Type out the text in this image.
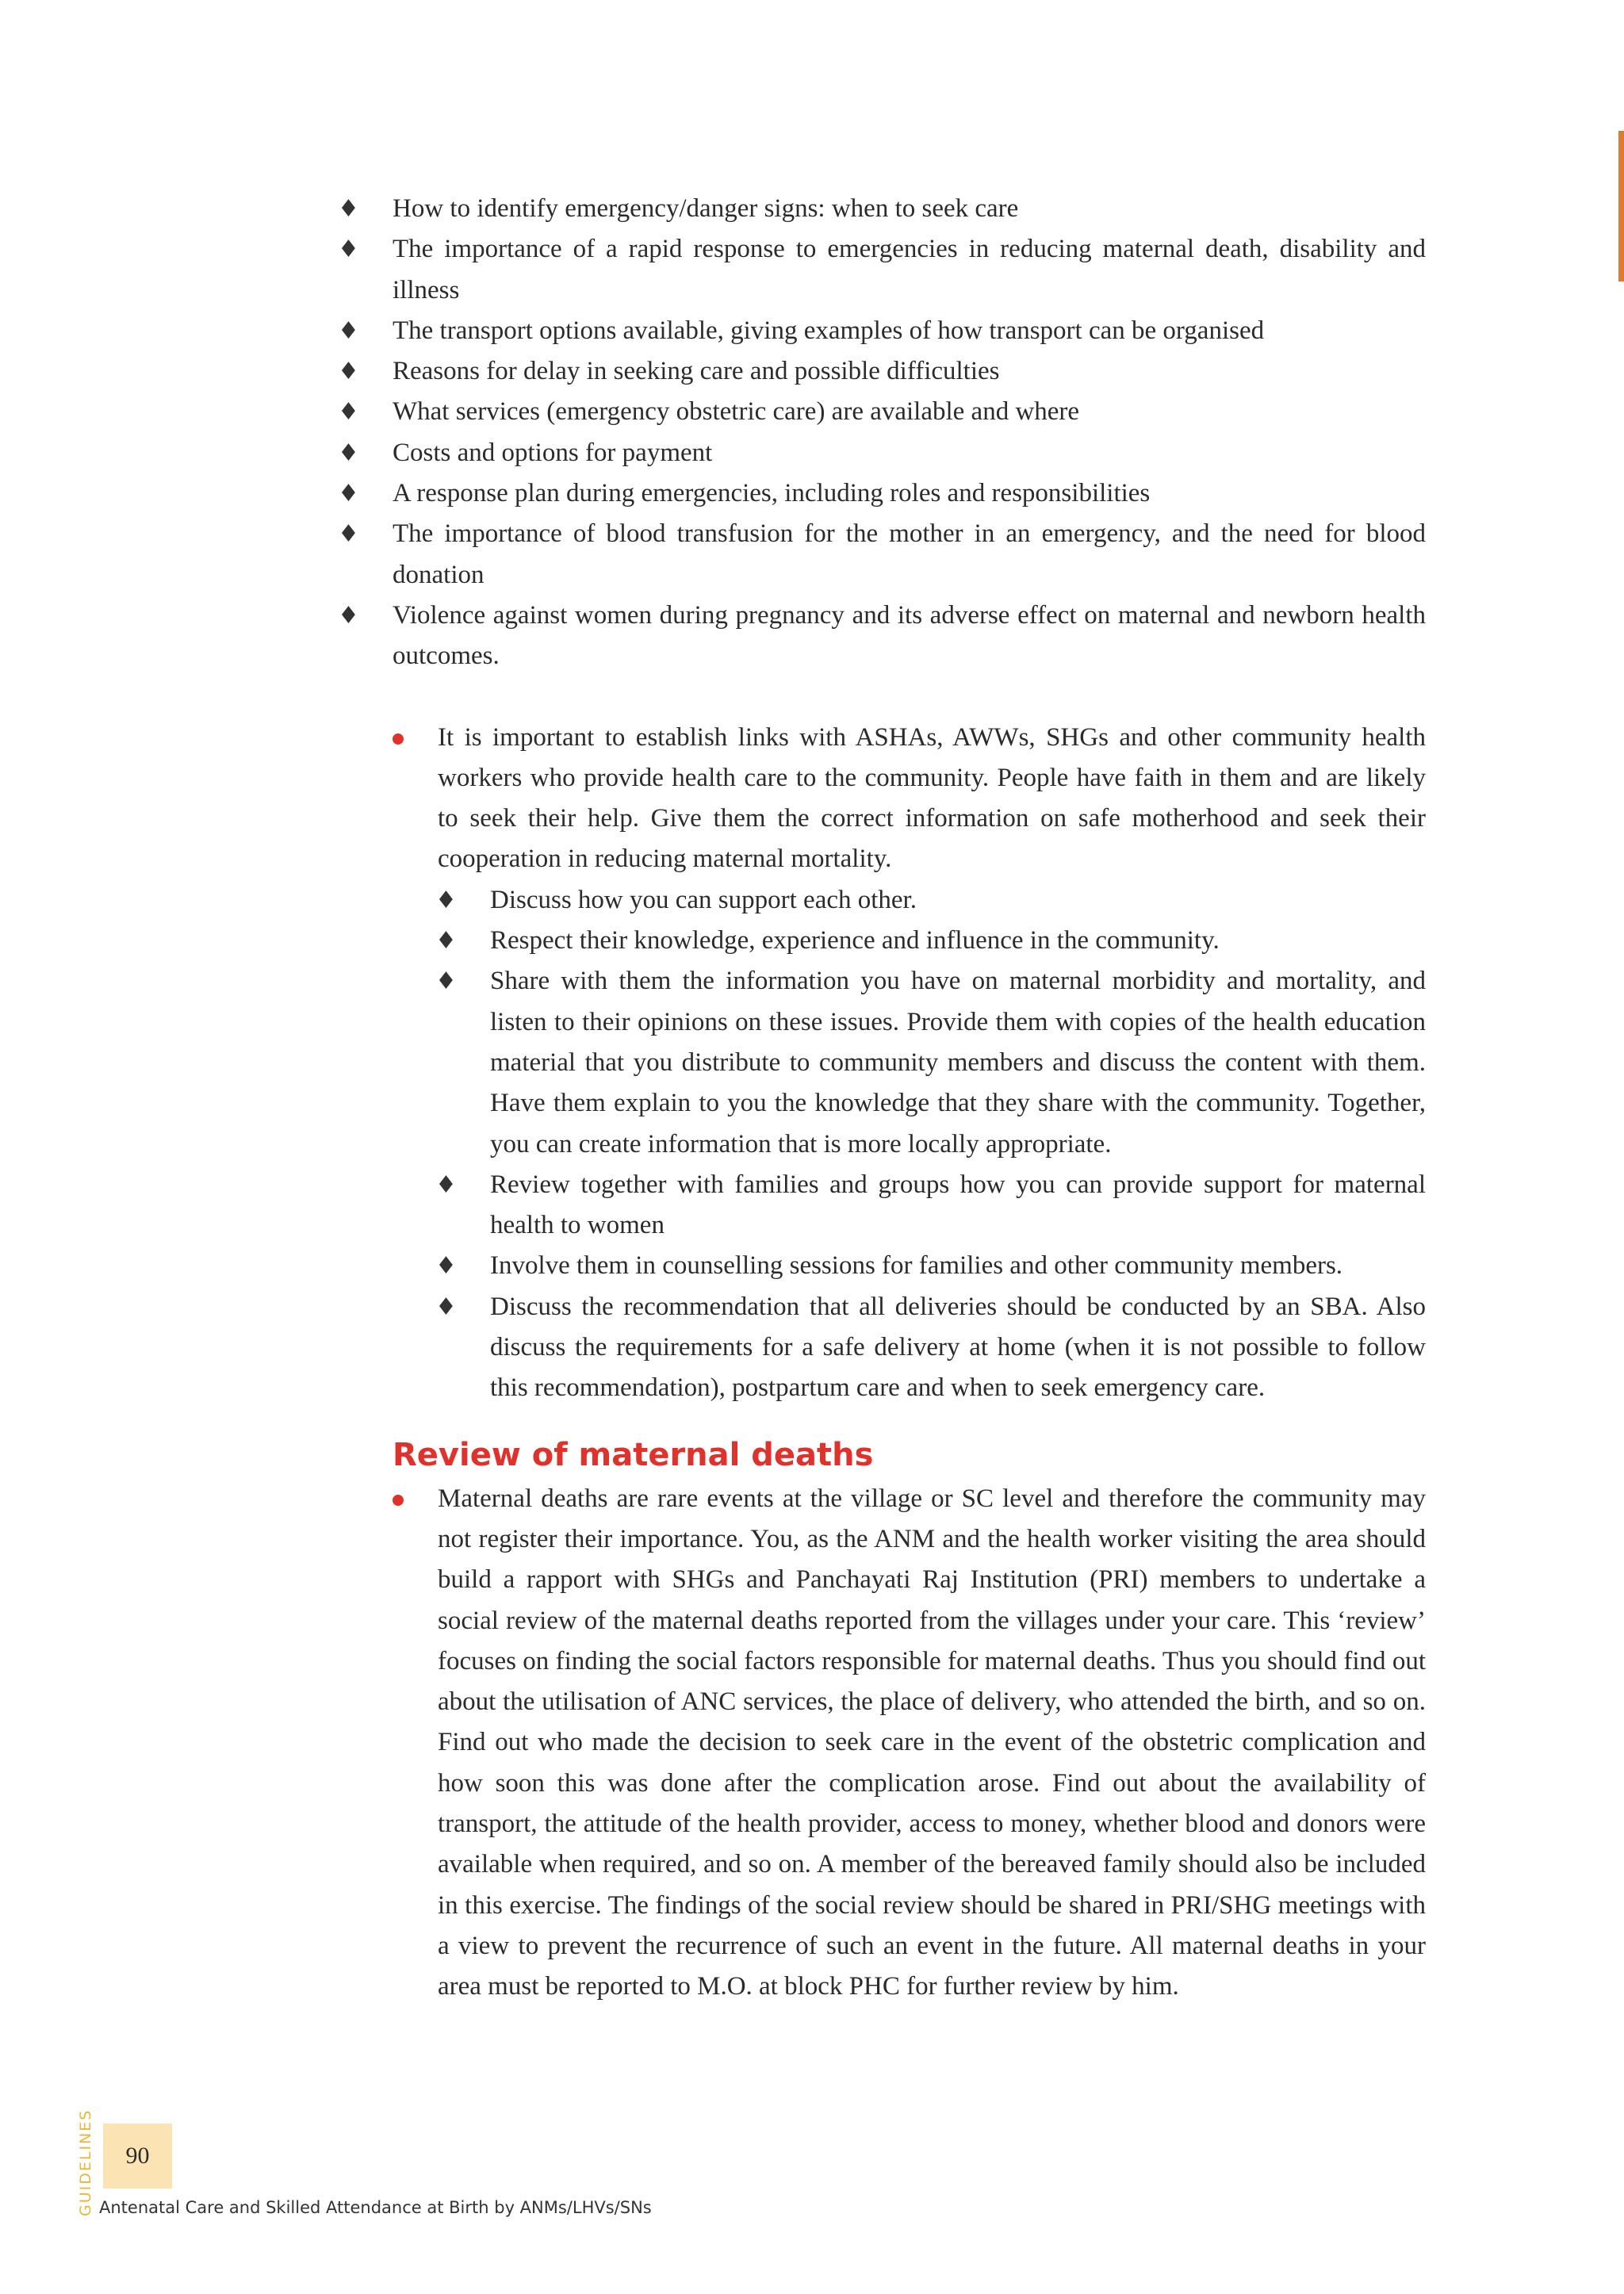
♦ How to identify emergency/danger signs: when to seek care
♦ The importance of a rapid response to emergencies in reducing maternal death, disability and illness
♦ The transport options available, giving examples of how transport can be organised
♦ Reasons for delay in seeking care and possible difficulties
♦ What services (emergency obstetric care) are available and where
♦ Costs and options for payment
♦ A response plan during emergencies, including roles and responsibilities
♦ The importance of blood transfusion for the mother in an emergency, and the need for blood donation
♦ Violence against women during pregnancy and its adverse effect on maternal and newborn health outcomes.
It is important to establish links with ASHAs, AWWs, SHGs and other community health workers who provide health care to the community. People have faith in them and are likely to seek their help. Give them the correct information on safe motherhood and seek their cooperation in reducing maternal mortality.
♦ Discuss how you can support each other.
♦ Respect their knowledge, experience and influence in the community.
♦ Share with them the information you have on maternal morbidity and mortality, and listen to their opinions on these issues. Provide them with copies of the health education material that you distribute to community members and discuss the content with them. Have them explain to you the knowledge that they share with the community. Together, you can create information that is more locally appropriate.
♦ Review together with families and groups how you can provide support for maternal health to women
♦ Involve them in counselling sessions for families and other community members.
♦ Discuss the recommendation that all deliveries should be conducted by an SBA. Also discuss the requirements for a safe delivery at home (when it is not possible to follow this recommendation), postpartum care and when to seek emergency care.
Review of maternal deaths
Maternal deaths are rare events at the village or SC level and therefore the community may not register their importance. You, as the ANM and the health worker visiting the area should build a rapport with SHGs and Panchayati Raj Institution (PRI) members to undertake a social review of the maternal deaths reported from the villages under your care. This ‘review’ focuses on finding the social factors responsible for maternal deaths. Thus you should find out about the utilisation of ANC services, the place of delivery, who attended the birth, and so on. Find out who made the decision to seek care in the event of the obstetric complication and how soon this was done after the complication arose. Find out about the availability of transport, the attitude of the health provider, access to money, whether blood and donors were available when required, and so on. A member of the bereaved family should also be included in this exercise. The findings of the social review should be shared in PRI/SHG meetings with a view to prevent the recurrence of such an event in the future. All maternal deaths in your area must be reported to M.O. at block PHC for further review by him.
GUIDELINES	90
Antenatal Care and Skilled Attendance at Birth by ANMs/LHVs/SNs
